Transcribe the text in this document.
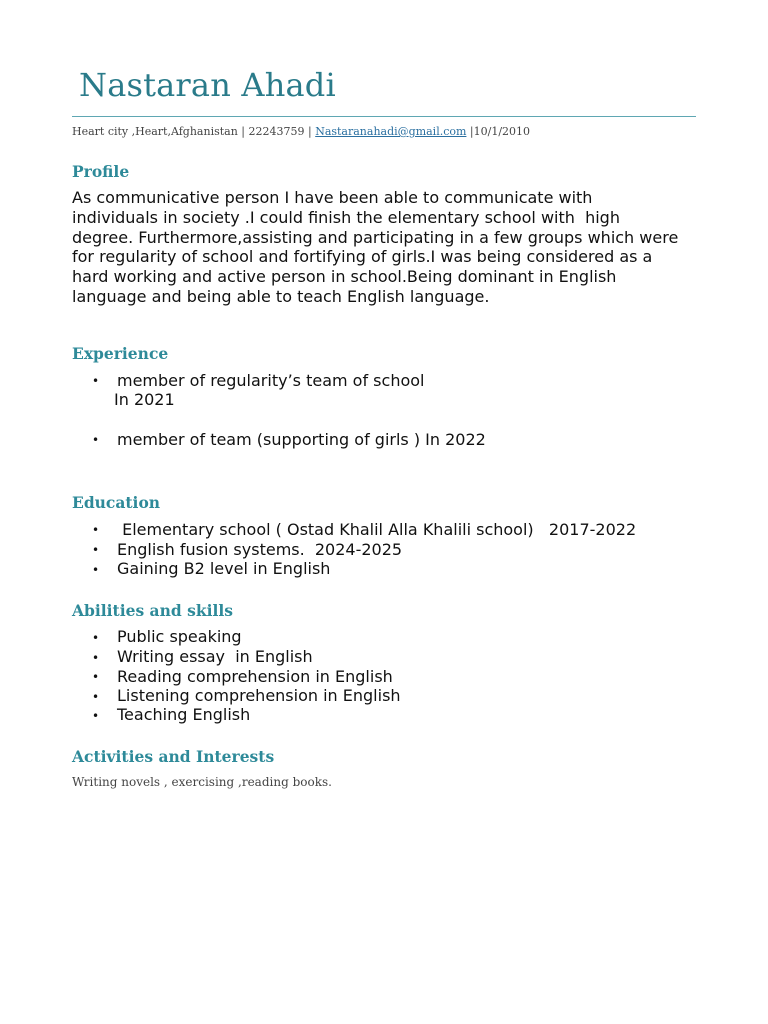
Nastaran Ahadi
Heart city ,Heart,Afghanistan | 22243759 | Nastaranahadi@gmail.com |10/1/2010
Profile
As communicative person I have been able to communicate with
individuals in society .I could finish the elementary school with  high
degree. Furthermore,assisting and participating in a few groups which were
for regularity of school and fortifying of girls.I was being considered as a
hard working and active person in school.Being dominant in English
language and being able to teach English language.
Experience
• member of regularity’s team of school
In 2021
• member of team (supporting of girls ) In 2022
Education
• Elementary school ( Ostad Khalil Alla Khalili school)   2017-2022
• English fusion systems.  2024-2025
• Gaining B2 level in English
Abilities and skills
• Public speaking
• Writing essay  in English
• Reading comprehension in English
• Listening comprehension in English
• Teaching English
Activities and Interests
Writing novels , exercising ,reading books.
